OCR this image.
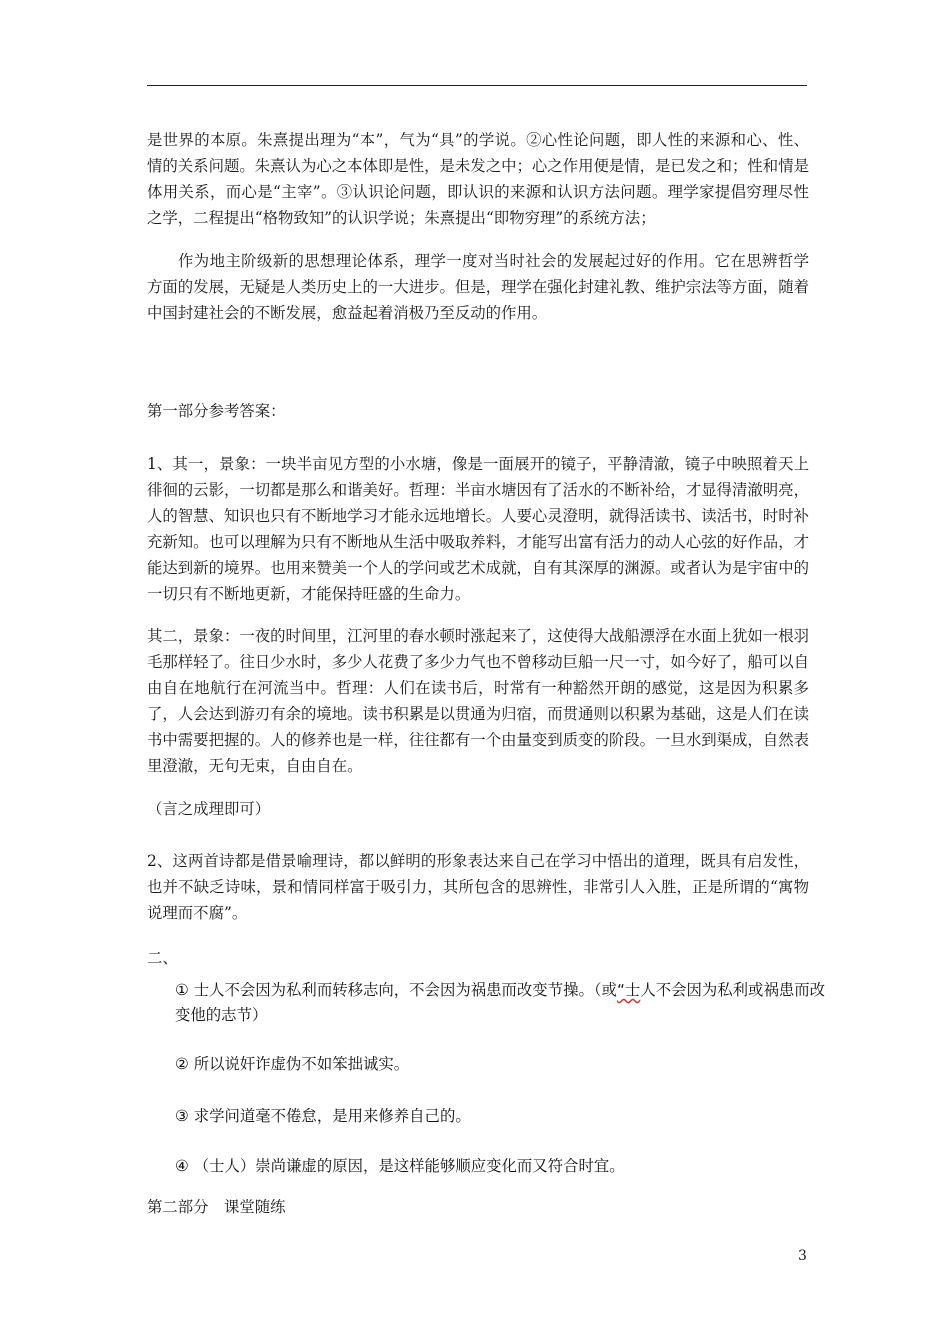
是世界的本原。朱熹提出理为“本”，气为“具”的学说。②心性论问题，即人性的来源和心、性、情的关系问题。朱熹认为心之本体即是性，是未发之中；心之作用便是情，是已发之和；性和情是体用关系，而心是“主宰”。③认识论问题，即认识的来源和认识方法问题。理学家提倡穷理尽性之学，二程提出“格物致知”的认识学说；朱熹提出“即物穷理”的系统方法；
作为地主阶级新的思想理论体系，理学一度对当时社会的发展起过好的作用。它在思辨哲学方面的发展，无疑是人类历史上的一大进步。但是，理学在强化封建礼教、维护宗法等方面，随着中国封建社会的不断发展，愈益起着消极乃至反动的作用。
第一部分参考答案：
1、其一，景象：一块半亩见方型的小水塘，像是一面展开的镜子，平静清澈，镜子中映照着天上徘徊的云影，一切都是那么和谐美好。哲理：半亩水塘因有了活水的不断补给，才显得清澈明亮，人的智慧、知识也只有不断地学习才能永远地增长。人要心灵澄明，就得活读书、读活书，时时补充新知。也可以理解为只有不断地从生活中吸取养料，才能写出富有活力的动人心弦的好作品，才能达到新的境界。也用来赞美一个人的学问或艺术成就，自有其深厚的渊源。或者认为是宇宙中的一切只有不断地更新，才能保持旺盛的生命力。
其二，景象：一夜的时间里，江河里的春水顿时涨起来了，这使得大战船漂浮在水面上犹如一根羽毛那样轻了。往日少水时，多少人花费了多少力气也不曾移动巨船一尺一寸，如今好了，船可以自由自在地航行在河流当中。哲理：人们在读书后，时常有一种豁然开朗的感觉，这是因为积累多了，人会达到游刃有余的境地。读书积累是以贯通为归宿，而贯通则以积累为基础，这是人们在读书中需要把握的。人的修养也是一样，往往都有一个由量变到质变的阶段。一旦水到渠成，自然表里澄澈，无句无束，自由自在。
（言之成理即可）
2、这两首诗都是借景喻理诗，都以鲜明的形象表达来自己在学习中悟出的道理，既具有启发性，也并不缺乏诗味，景和情同样富于吸引力，其所包含的思辨性，非常引人入胜，正是所谓的“寓物说理而不腐”。
二、
① 士人不会因为私利而转移志向，不会因为祸患而改变节操。（或“士人不会因为私利或祸患而改变他的志节）
② 所以说奸诈虚伪不如笨拙诚实。
③ 求学问道毫不倦怠，是用来修养自己的。
④ （士人）崇尚谦虚的原因，是这样能够顺应变化而又符合时宜。
第二部分　课堂随练
3
